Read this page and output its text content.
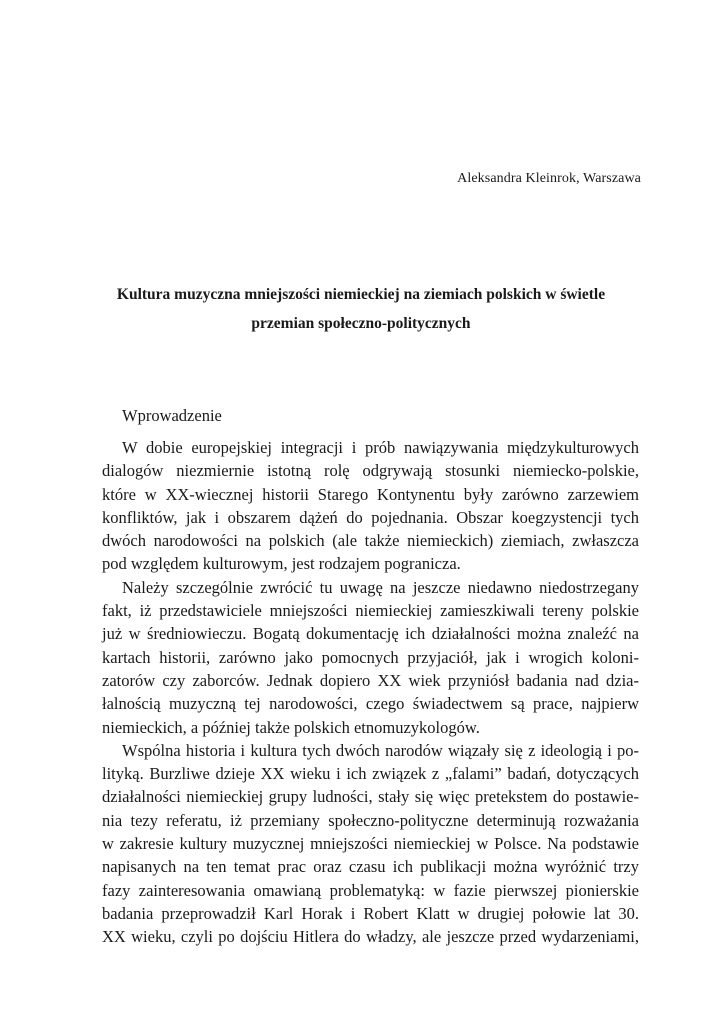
Aleksandra Kleinrok, Warszawa
Kultura muzyczna mniejszości niemieckiej na ziemiach polskich w świetle
przemian społeczno-politycznych
Wprowadzenie
W dobie europejskiej integracji i prób nawiązywania międzykulturowych
dialogów niezmiernie istotną rolę odgrywają stosunki niemiecko-polskie,
które w XX-wiecznej historii Starego Kontynentu były zarówno zarzewiem
konfliktów, jak i obszarem dążeń do pojednania. Obszar koegzystencji tych
dwóch narodowości na polskich (ale także niemieckich) ziemiach, zwłaszcza
pod względem kulturowym, jest rodzajem pogranicza.
Należy szczególnie zwrócić tu uwagę na jeszcze niedawno niedostrzegany
fakt, iż przedstawiciele mniejszości niemieckiej zamieszkiwali tereny polskie
już w średniowieczu. Bogatą dokumentację ich działalności można znaleźć na
kartach historii, zarówno jako pomocnych przyjaciół, jak i wrogich koloni-
zatorów czy zaborców. Jednak dopiero XX wiek przyniósł badania nad dzia-
łalnością muzyczną tej narodowości, czego świadectwem są prace, najpierw
niemieckich, a później także polskich etnomuzykologów.
Wspólna historia i kultura tych dwóch narodów wiązały się z ideologią i po-
lityką. Burzliwe dzieje XX wieku i ich związek z „falami” badań, dotyczących
działalności niemieckiej grupy ludności, stały się więc pretekstem do postawie-
nia tezy referatu, iż przemiany społeczno-polityczne determinują rozważania
w zakresie kultury muzycznej mniejszości niemieckiej w Polsce. Na podstawie
napisanych na ten temat prac oraz czasu ich publikacji można wyróżnić trzy
fazy zainteresowania omawianą problematyką: w fazie pierwszej pionierskie
badania przeprowadził Karl Horak i Robert Klatt w drugiej połowie lat 30.
XX wieku, czyli po dojściu Hitlera do władzy, ale jeszcze przed wydarzeniami,
